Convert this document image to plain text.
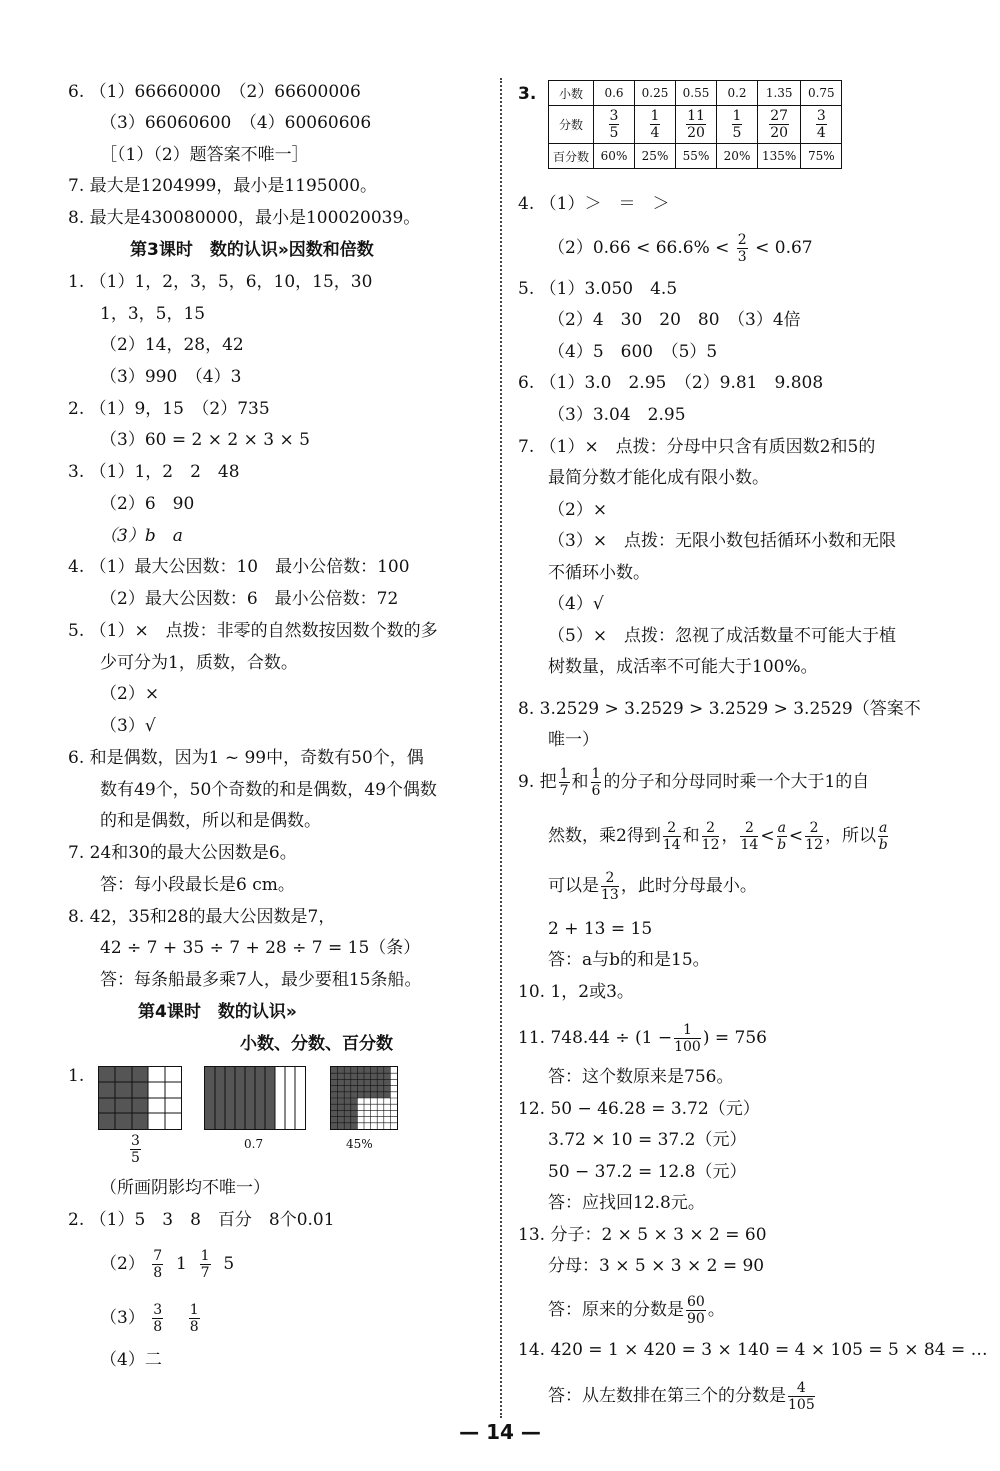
6. （1）66660000　（2）66600006
（3）66060600　（4）60060606
［（1）（2）题答案不唯一］
7. 最大是1204999，最小是1195000。
8. 最大是430080000，最小是100020039。
第3课时　数的认识»因数和倍数
1. （1）1，2，3，5，6，10，15，30
1，3，5，15
（2）14，28，42
（3）990　（4）3
2. （1）9，15　（2）735
（3）60 = 2 × 2 × 3 × 5
3. （1）1，2　2　48
（2）6　90
（3）b　a
4. （1）最大公因数：10　最小公倍数：100
（2）最大公因数：6　最小公倍数：72
5. （1）×　点拨：非零的自然数按因数个数的多
少可分为1，质数，合数。
（2）×
（3）√
6. 和是偶数，因为1 ~ 99中，奇数有50个，偶
数有49个，50个奇数的和是偶数，49个偶数
的和是偶数，所以和是偶数。
7. 24和30的最大公因数是6。
答：每小段最长是6 cm。
8. 42，35和28的最大公因数是7，
42 ÷ 7 + 35 ÷ 7 + 28 ÷ 7 = 15（条）
答：每条船最多乘7人，最少要租15条船。
第4课时　数的认识»
小数、分数、百分数
1.
$\frac{3}{5}$	0.7	45%
（所画阴影均不唯一）
2. （1）5　3　8　百分　8个0.01
$(2) \frac{7}{8} 1 \frac{1}{7} 5$
$(3) \frac{3}{8}$
$\frac{1}{8}$
（4）二
3. 小数	0.6	0.25	0.55	0.2	1.35	0.75
分数	$\frac{3}{5}$	$\frac{1}{4}$	$\frac{11}{20}$	$\frac{1}{5}$	$\frac{27}{20}$	$\frac{3}{4}$

百分数	60%	25%	55%	20%	135%	75%
4. （1）＞　＝　＞
$(2)0.66 < 66.6\% < \frac{2}{3} < 0.67$
5. （1）3.050　4.5
（2）4　30　20　80　（3）4倍
（4）5　600　（5）5
6. （1）3.0　2.95　（2）9.81　9.808
（3）3.04　2.95
7. （1）×　点拨：分母中只含有质因数2和5的
最简分数才能化成有限小数。
（2）×
（3）×　点拨：无限小数包括循环小数和无限
不循环小数。
（4）√
（5）×　点拨：忽视了成活数量不可能大于植
树数量，成活率不可能大于100%。
8. 3.2529 > 3.2529 > 3.2529 > 3.2529（答案不
唯一）
9. 把 $\frac{1}{7}$ 和 $\frac{1}{6}$ 的分子和分母同时乘一个大于1的自
然数，乘2得到 $\frac{2}{14}$ 和 $\frac{2}{12}$ ， $\frac{2}{14} < \frac{a}{b} < \frac{2}{12}$ ，所以 $\frac{a}{b}$
可以是 $\frac{2}{13}$ ，此时分母最小。
2 + 13 = 15
答：a与b的和是15。
10. 1，2或3。
11. $748.44 \div (1 - \frac{1}{100}$ ) = 756
答：这个数原来是756。
12. 50 − 46.28 = 3.72（元）
3.72 × 10 = 37.2（元）
50 − 37.2 = 12.8（元）
答：应找回12.8元。
13. 分子：2 × 5 × 3 × 2 = 60
分母：3 × 5 × 3 × 2 = 90
答：原来的分数是 $\frac{60}{90}$ 。
14. 420 = 1 × 420 = 3 × 140 = 4 × 105 = 5 × 84 = …
答：从左数排在第三个的分数是 $\frac{4}{105}$
— 14 —
